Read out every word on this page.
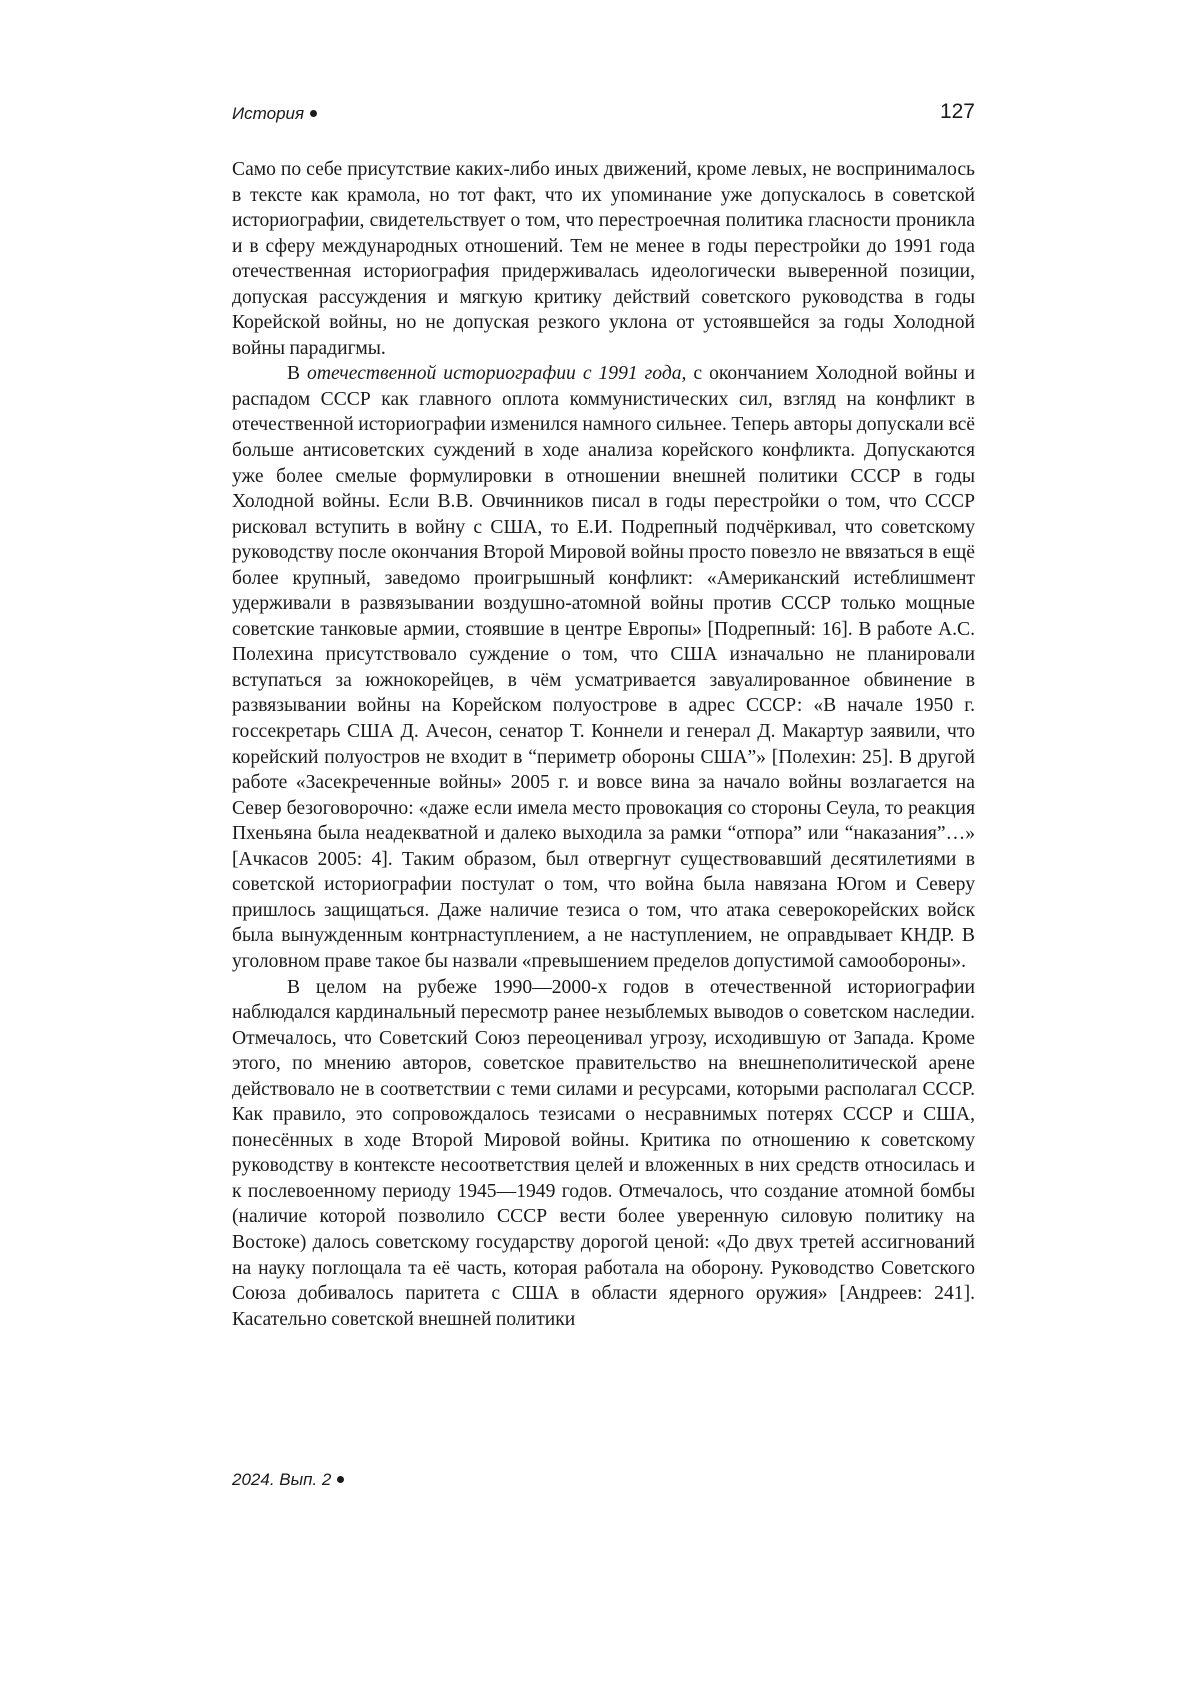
История	127

Само по себе присутствие каких-либо иных движений, кроме левых, не воспринималось в тексте как крамола, но тот факт, что их упоминание уже допускалось в советской историографии, свидетельствует о том, что перестроечная политика гласности проникла и в сферу международных отношений. Тем не менее в годы перестройки до 1991 года отечественная историография придерживалась идеологически выверенной позиции, допуская рассуждения и мягкую критику действий советского руководства в годы Корейской войны, но не допуская резкого уклона от устоявшейся за годы Холодной войны парадигмы.

В отечественной историографии с 1991 года, с окончанием Холодной войны и распадом СССР как главного оплота коммунистических сил, взгляд на конфликт в отечественной историографии изменился намного сильнее. Теперь авторы допускали всё больше антисоветских суждений в ходе анализа корейского конфликта. Допускаются уже более смелые формулировки в отношении внешней политики СССР в годы Холодной войны. Если В.В. Овчинников писал в годы перестройки о том, что СССР рисковал вступить в войну с США, то Е.И. Подрепный подчёркивал, что советскому руководству после окончания Второй Мировой войны просто повезло не ввязаться в ещё более крупный, заведомо проигрышный конфликт: «Американский истеблишмент удерживали в развязывании воздушно-атомной войны против СССР только мощные советские танковые армии, стоявшие в центре Европы» [Подрепный: 16]. В работе А.С. Полехина присутствовало суждение о том, что США изначально не планировали вступаться за южнокорейцев, в чём усматривается завуалированное обвинение в развязывании войны на Корейском полуострове в адрес СССР: «В начале 1950 г. госсекретарь США Д. Ачесон, сенатор Т. Коннели и генерал Д. Макартур заявили, что корейский полуостров не входит в “периметр обороны США”» [Полехин: 25]. В другой работе «Засекреченные войны» 2005 г. и вовсе вина за начало войны возлагается на Север безоговорочно: «даже если имела место провокация со стороны Сеула, то реакция Пхеньяна была неадекватной и далеко выходила за рамки “отпора” или “наказания”…» [Ачкасов 2005: 4]. Таким образом, был отвергнут существовавший десятилетиями в советской историографии постулат о том, что война была навязана Югом и Северу пришлось защищаться. Даже наличие тезиса о том, что атака северокорейских войск была вынужденным контрнаступлением, а не наступлением, не оправдывает КНДР. В уголовном праве такое бы назвали «превышением пределов допустимой самообороны».

В целом на рубеже 1990—2000-х годов в отечественной историографии наблюдался кардинальный пересмотр ранее незыблемых выводов о советском наследии. Отмечалось, что Советский Союз переоценивал угрозу, исходившую от Запада. Кроме этого, по мнению авторов, советское правительство на внешнеполитической арене действовало не в соответствии с теми силами и ресурсами, которыми располагал СССР. Как правило, это сопровождалось тезисами о несравнимых потерях СССР и США, понесённых в ходе Второй Мировой войны. Критика по отношению к советскому руководству в контексте несоответствия целей и вложенных в них средств относилась и к послевоенному периоду 1945—1949 годов. Отмечалось, что создание атомной бомбы (наличие которой позволило СССР вести более уверенную силовую политику на Востоке) далось советскому государству дорогой ценой: «До двух третей ассигнований на науку поглощала та её часть, которая работала на оборону. Руководство Советского Союза добивалось паритета с США в области ядерного оружия» [Андреев: 241]. Касательно советской внешней политики

2024. Вып. 2
